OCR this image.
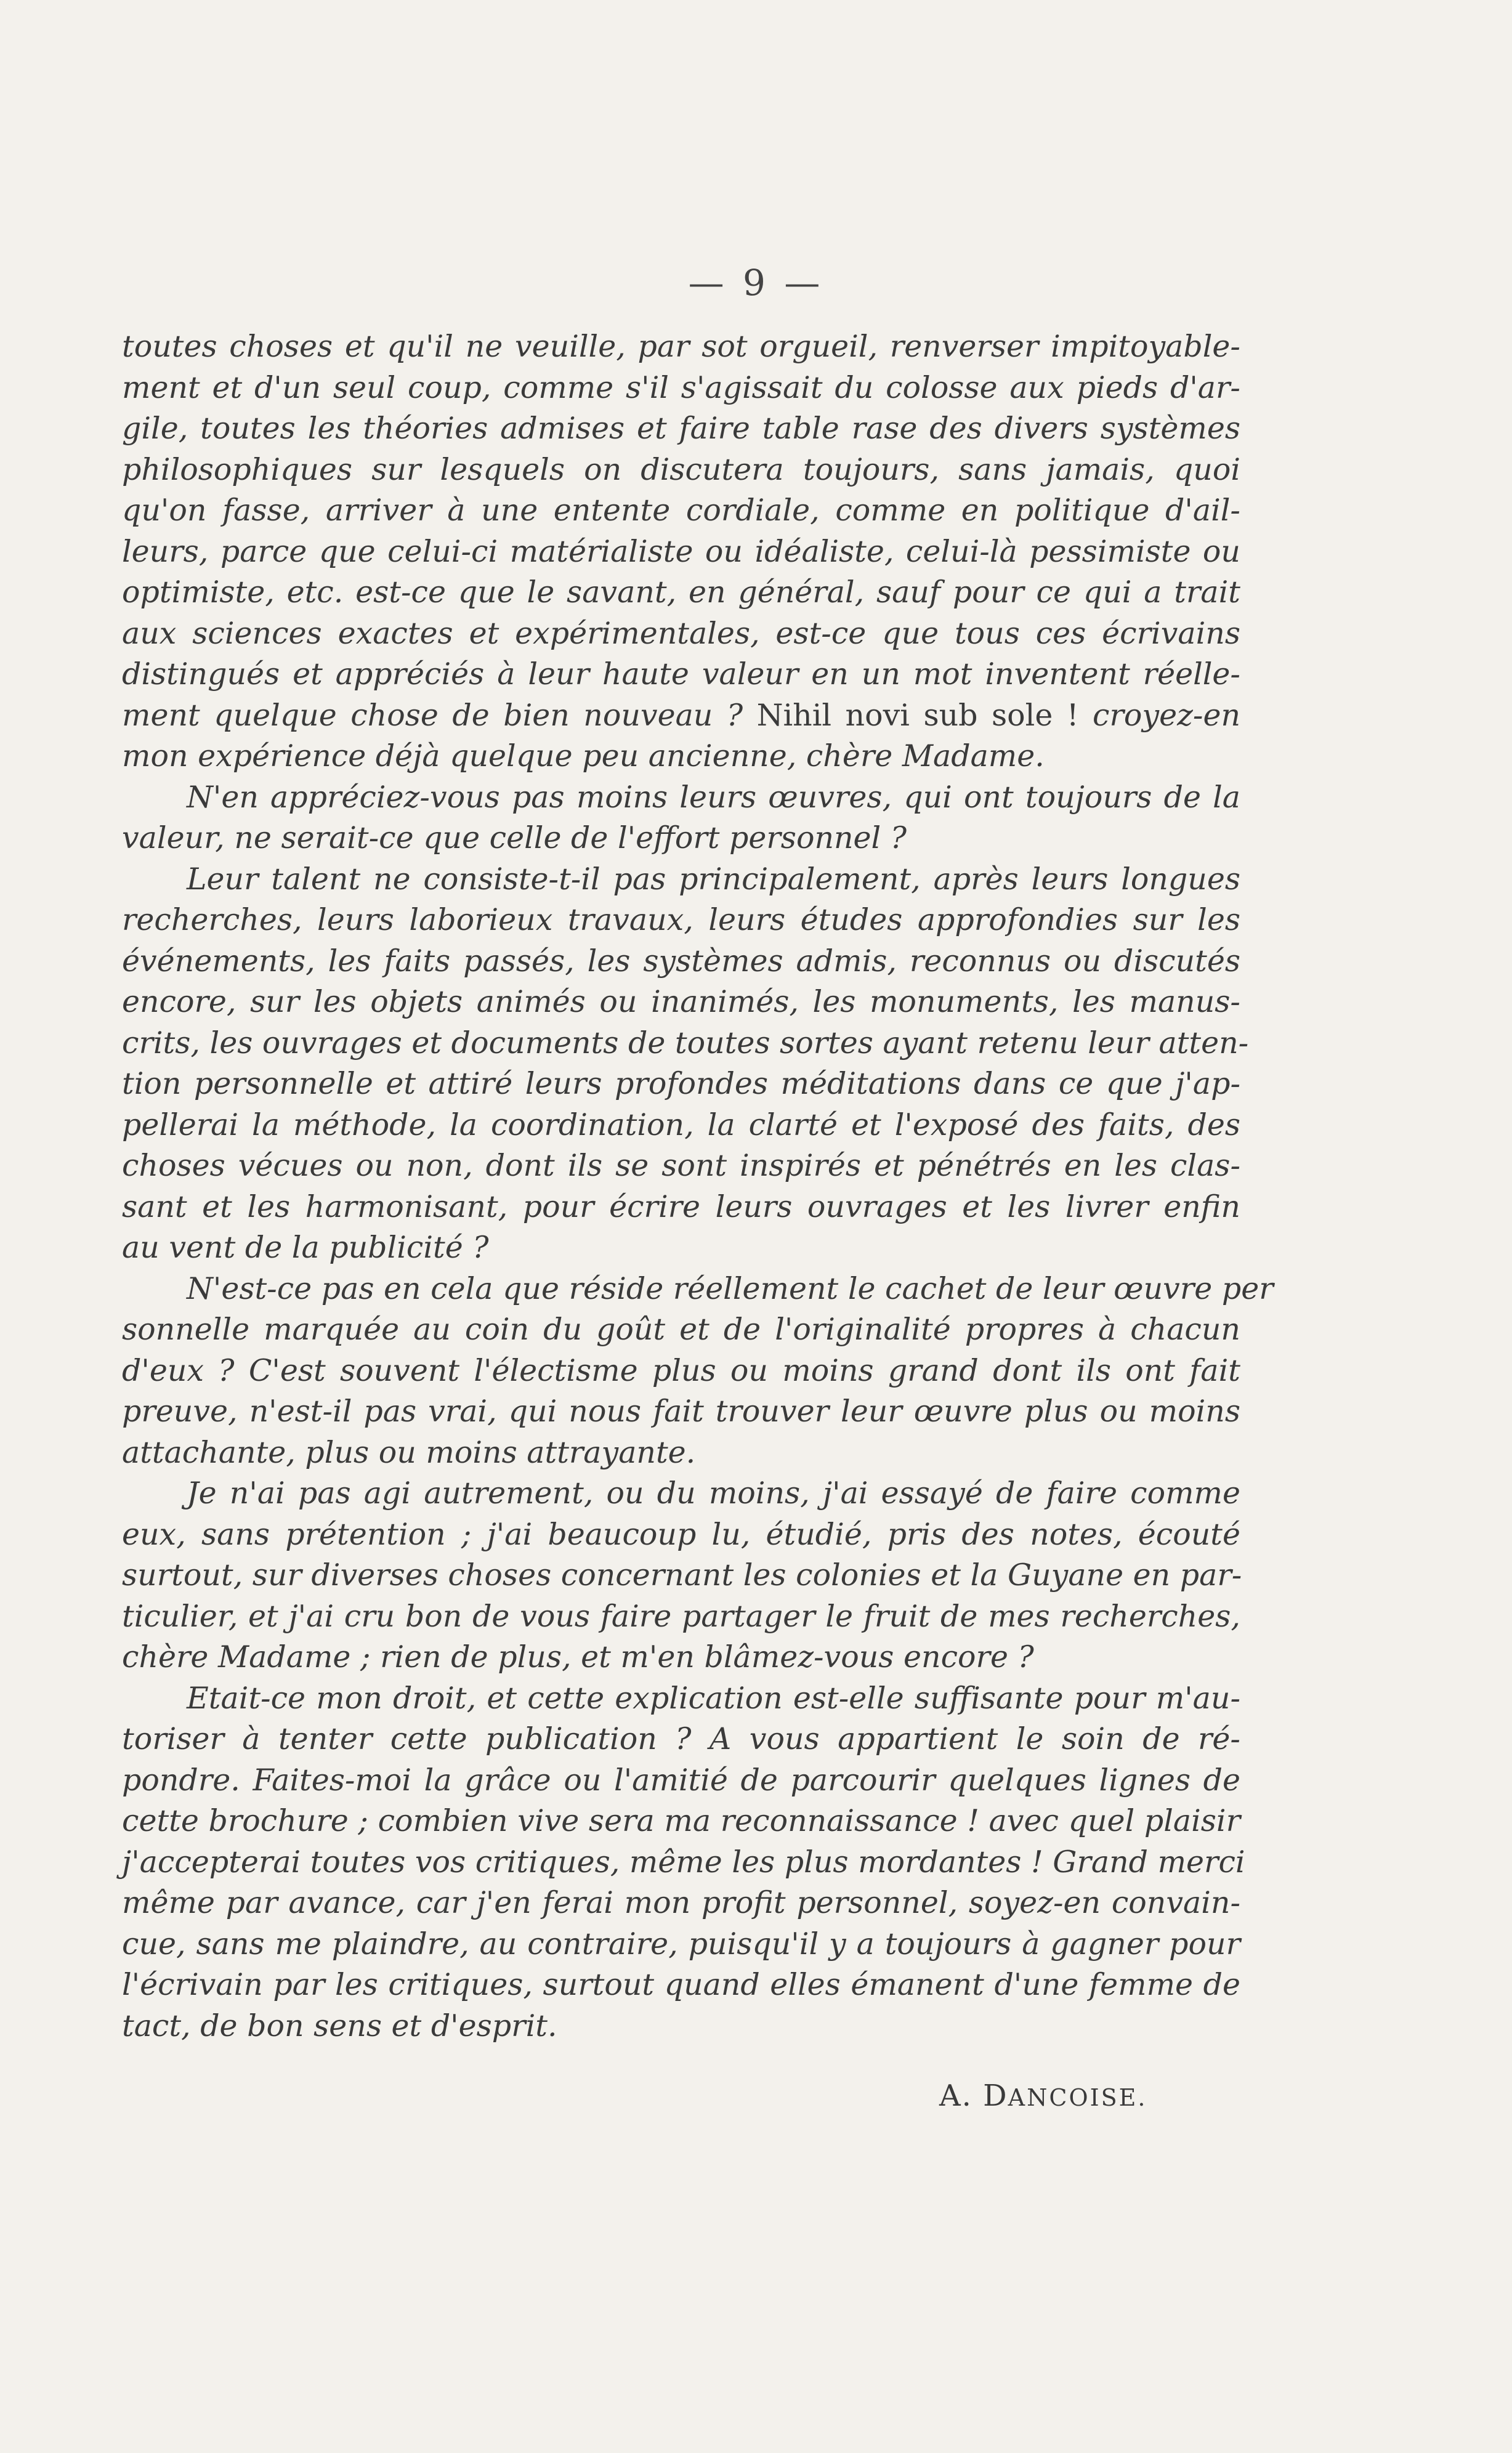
— 9 —
toutes choses et qu'il ne veuille, par sot orgueil, renverser impitoyable-
ment et d'un seul coup, comme s'il s'agissait du colosse aux pieds d'ar-
gile, toutes les théories admises et faire table rase des divers systèmes
philosophiques sur lesquels on discutera toujours, sans jamais, quoi
qu'on fasse, arriver à une entente cordiale, comme en politique d'ail-
leurs, parce que celui-ci matérialiste ou idéaliste, celui-là pessimiste ou
optimiste, etc. est-ce que le savant, en général, sauf pour ce qui a trait
aux sciences exactes et expérimentales, est-ce que tous ces écrivains
distingués et appréciés à leur haute valeur en un mot inventent réelle-
ment quelque chose de bien nouveau ? Nihil novi sub sole ! croyez-en
mon expérience déjà quelque peu ancienne, chère Madame.
N'en appréciez-vous pas moins leurs œuvres, qui ont toujours de la
valeur, ne serait-ce que celle de l'effort personnel ?
Leur talent ne consiste-t-il pas principalement, après leurs longues
recherches, leurs laborieux travaux, leurs études approfondies sur les
événements, les faits passés, les systèmes admis, reconnus ou discutés
encore, sur les objets animés ou inanimés, les monuments, les manus-
crits, les ouvrages et documents de toutes sortes ayant retenu leur atten-
tion personnelle et attiré leurs profondes méditations dans ce que j'ap-
pellerai la méthode, la coordination, la clarté et l'exposé des faits, des
choses vécues ou non, dont ils se sont inspirés et pénétrés en les clas-
sant et les harmonisant, pour écrire leurs ouvrages et les livrer enfin
au vent de la publicité ?
N'est-ce pas en cela que réside réellement le cachet de leur œuvre per
sonnelle marquée au coin du goût et de l'originalité propres à chacun
d'eux ? C'est souvent l'électisme plus ou moins grand dont ils ont fait
preuve, n'est-il pas vrai, qui nous fait trouver leur œuvre plus ou moins
attachante, plus ou moins attrayante.
Je n'ai pas agi autrement, ou du moins, j'ai essayé de faire comme
eux, sans prétention ; j'ai beaucoup lu, étudié, pris des notes, écouté
surtout, sur diverses choses concernant les colonies et la Guyane en par-
ticulier, et j'ai cru bon de vous faire partager le fruit de mes recherches,
chère Madame ; rien de plus, et m'en blâmez-vous encore ?
Etait-ce mon droit, et cette explication est-elle suffisante pour m'au-
toriser à tenter cette publication ? A vous appartient le soin de ré-
pondre. Faites-moi la grâce ou l'amitié de parcourir quelques lignes de
cette brochure ; combien vive sera ma reconnaissance ! avec quel plaisir
j'accepterai toutes vos critiques, même les plus mordantes ! Grand merci
même par avance, car j'en ferai mon profit personnel, soyez-en convain-
cue, sans me plaindre, au contraire, puisqu'il y a toujours à gagner pour
l'écrivain par les critiques, surtout quand elles émanent d'une femme de
tact, de bon sens et d'esprit.
A. DANCOISE.
